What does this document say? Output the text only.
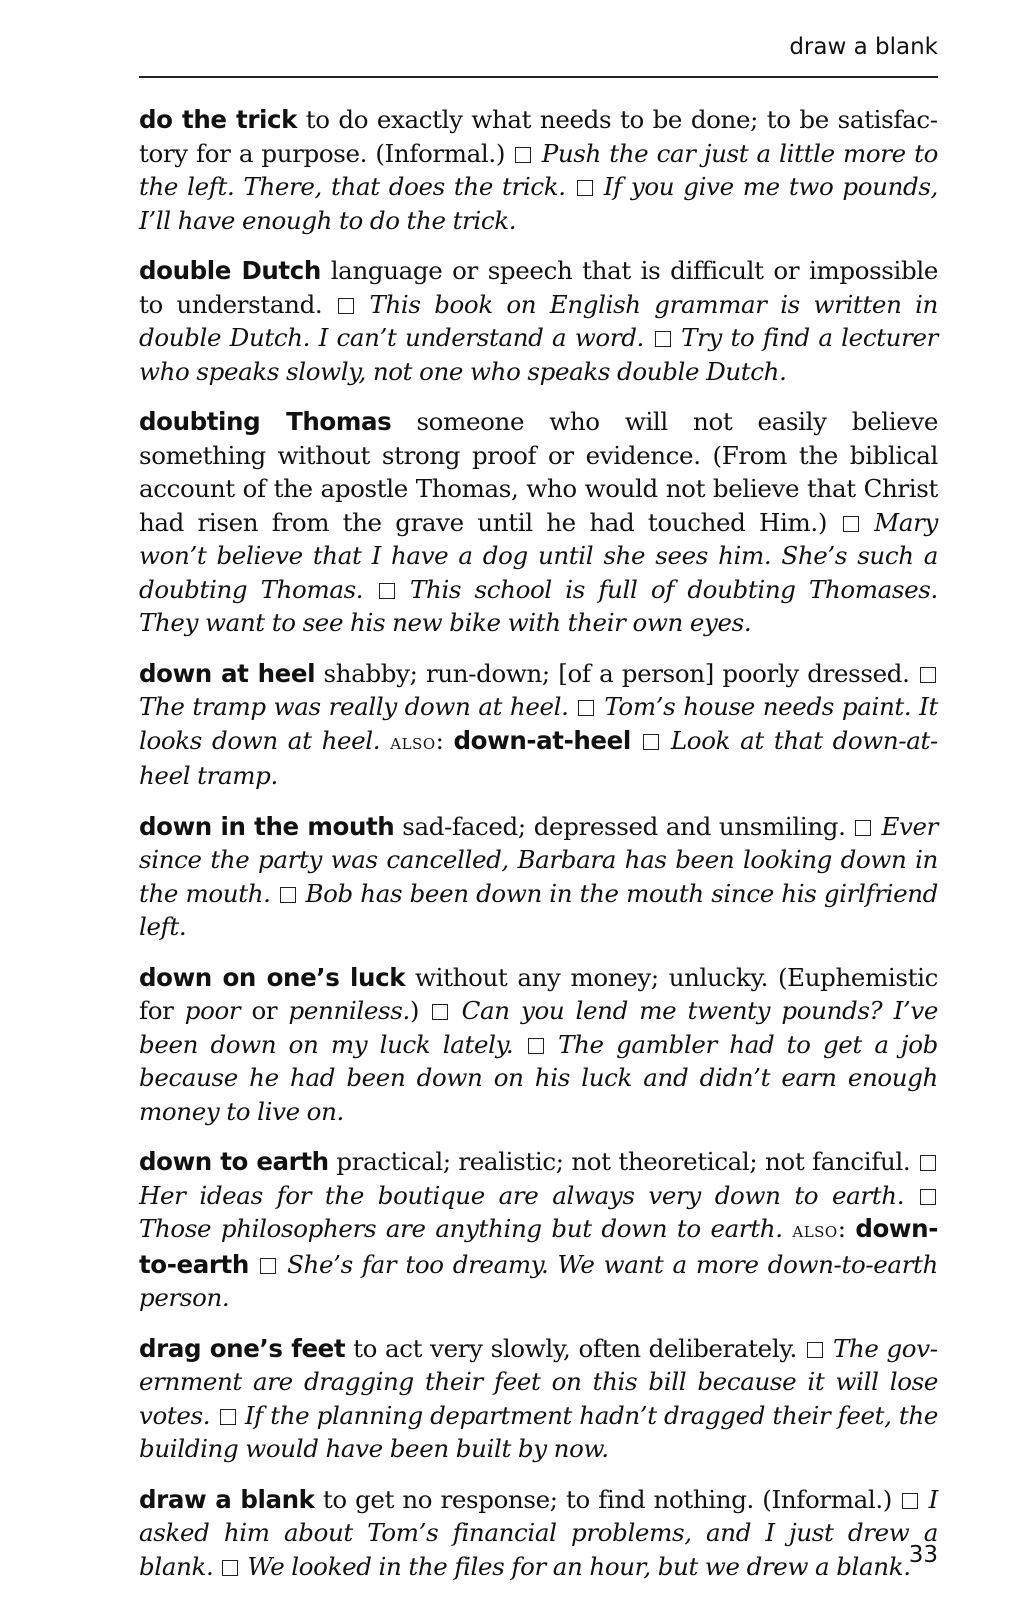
draw a blank

do the trick to do exactly what needs to be done; to be satisfactory for a purpose. (Informal.)  Push the car just a little more to the left. There, that does the trick. If you give me two pounds, I’ll have enough to do the trick.

double Dutch language or speech that is difficult or impossible to understand.  This book on English grammar is written in double Dutch. I can’t understand a word. Try to find a lecturer who speaks slowly, not one who speaks double Dutch.

doubting Thomas someone who will not easily believe something without strong proof or evidence. (From the biblical account of the apostle Thomas, who would not believe that Christ had risen from the grave until he had touched Him.)  Mary won’t believe that I have a dog until she sees him. She’s such a doubting Thomas. This school is full of doubting Thomases. They want to see his new bike with their own eyes.

down at heel shabby; run-down; [of a person] poorly dressed.  The tramp was really down at heel. Tom’s house needs paint. It looks down at heel. also: down-at-heel Look at that down-at-heel tramp.

down in the mouth sad-faced; depressed and unsmiling.  Ever since the party was cancelled, Barbara has been looking down in the mouth. Bob has been down in the mouth since his girlfriend left.

down on one’s luck without any money; unlucky. (Euphemistic for poor or penniless.)  Can you lend me twenty pounds? I’ve been down on my luck lately. The gambler had to get a job because he had been down on his luck and didn’t earn enough money to live on.

down to earth practical; realistic; not theoretical; not fanciful.  Her ideas for the boutique are always very down to earth.  Those philosophers are anything but down to earth. also: down-to-earth She’s far too dreamy. We want a more down-to-earth person.

drag one’s feet to act very slowly, often deliberately.  The government are dragging their feet on this bill because it will lose votes. If the planning department hadn’t dragged their feet, the building would have been built by now.

draw a blank to get no response; to find nothing. (Informal.)  I asked him about Tom’s financial problems, and I just drew a blank. We looked in the files for an hour, but we drew a blank.

33
